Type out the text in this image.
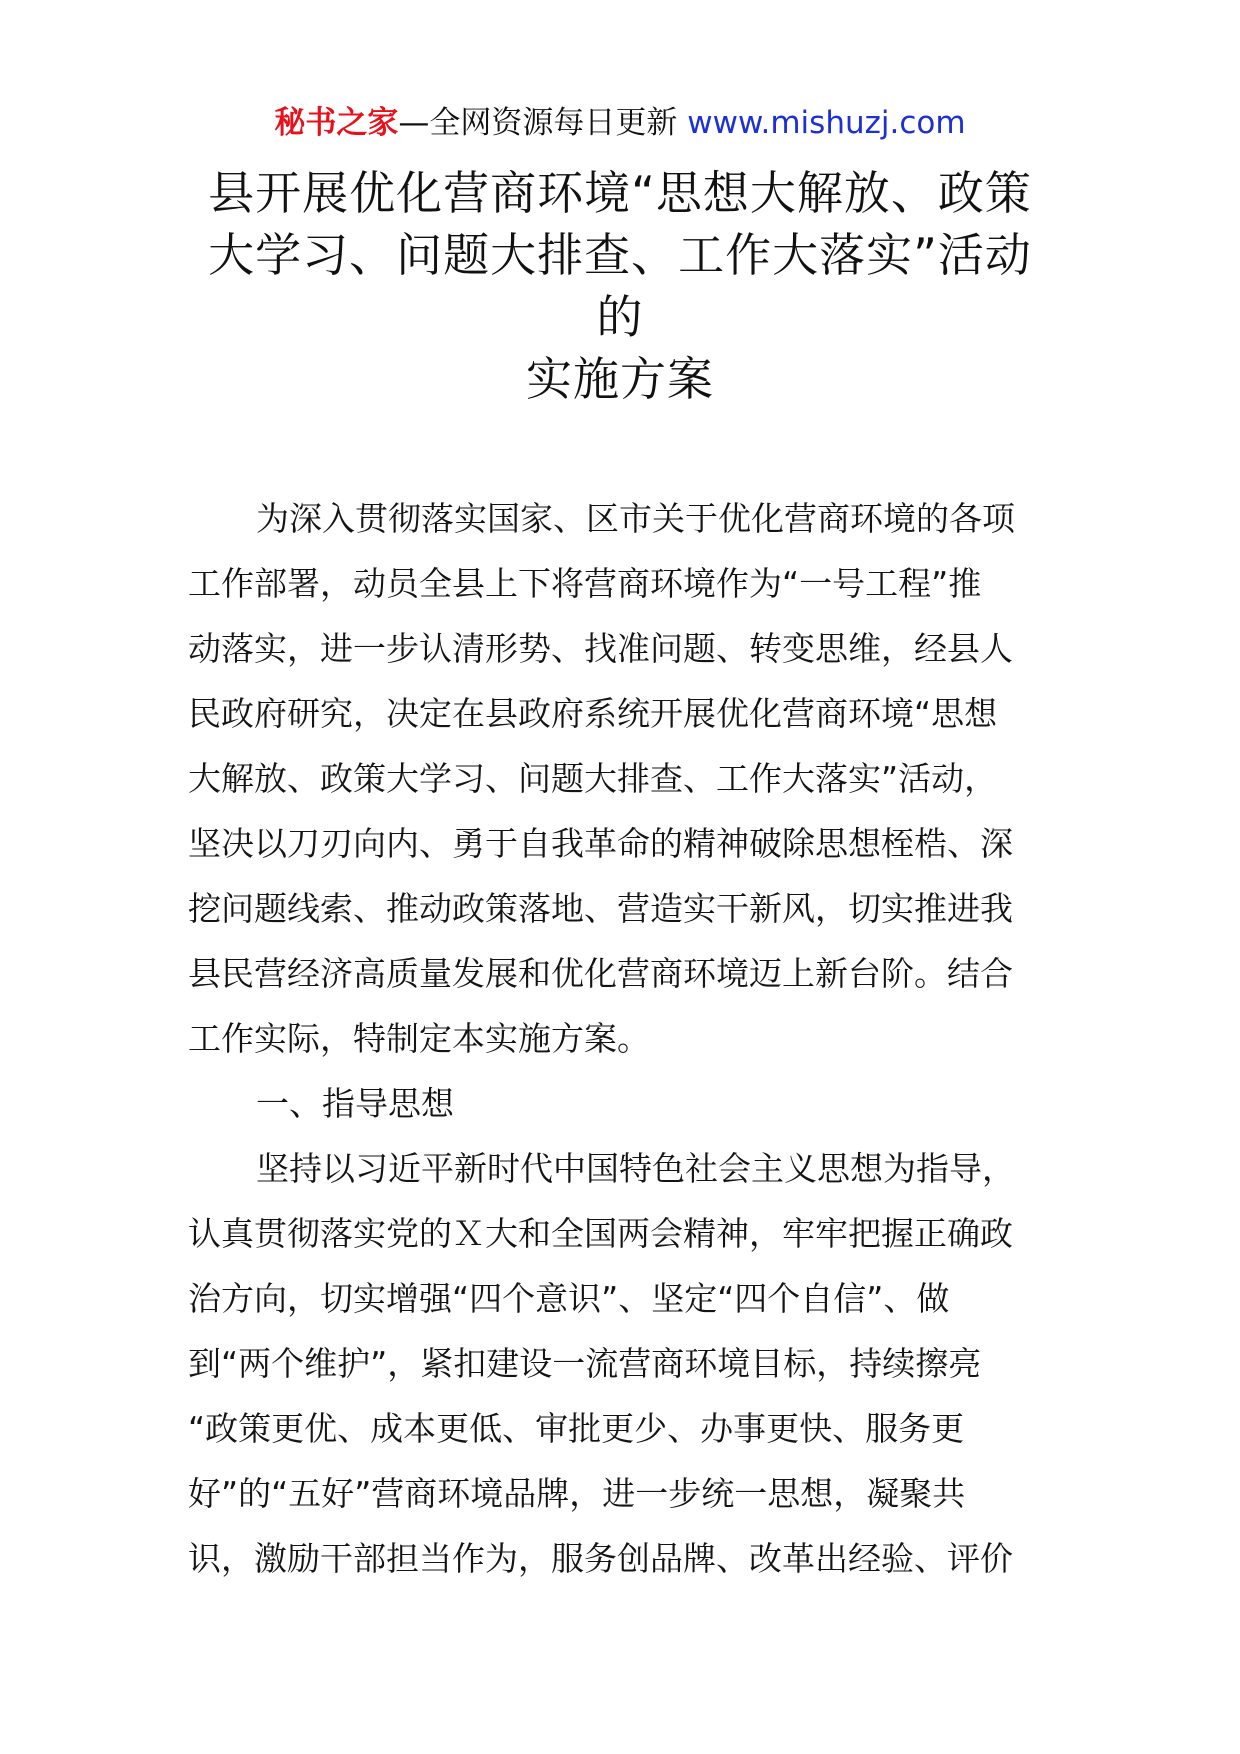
秘书之家—全网资源每日更新 www.mishuzj.com
县开展优化营商环境“思想大解放、政策
大学习、问题大排查、工作大落实”活动
的
实施方案
为深入贯彻落实国家、区市关于优化营商环境的各项
工作部署，动员全县上下将营商环境作为“一号工程”推
动落实，进一步认清形势、找准问题、转变思维，经县人
民政府研究，决定在县政府系统开展优化营商环境“思想
大解放、政策大学习、问题大排查、工作大落实”活动，
坚决以刀刃向内、勇于自我革命的精神破除思想桎梏、深
挖问题线索、推动政策落地、营造实干新风，切实推进我
县民营经济高质量发展和优化营商环境迈上新台阶。结合
工作实际，特制定本实施方案。
一、指导思想
坚持以习近平新时代中国特色社会主义思想为指导，
认真贯彻落实党的Ｘ大和全国两会精神，牢牢把握正确政
治方向，切实增强“四个意识”、坚定“四个自信”、做
到“两个维护”，紧扣建设一流营商环境目标，持续擦亮
“政策更优、成本更低、审批更少、办事更快、服务更
好”的“五好”营商环境品牌，进一步统一思想，凝聚共
识，激励干部担当作为，服务创品牌、改革出经验、评价
